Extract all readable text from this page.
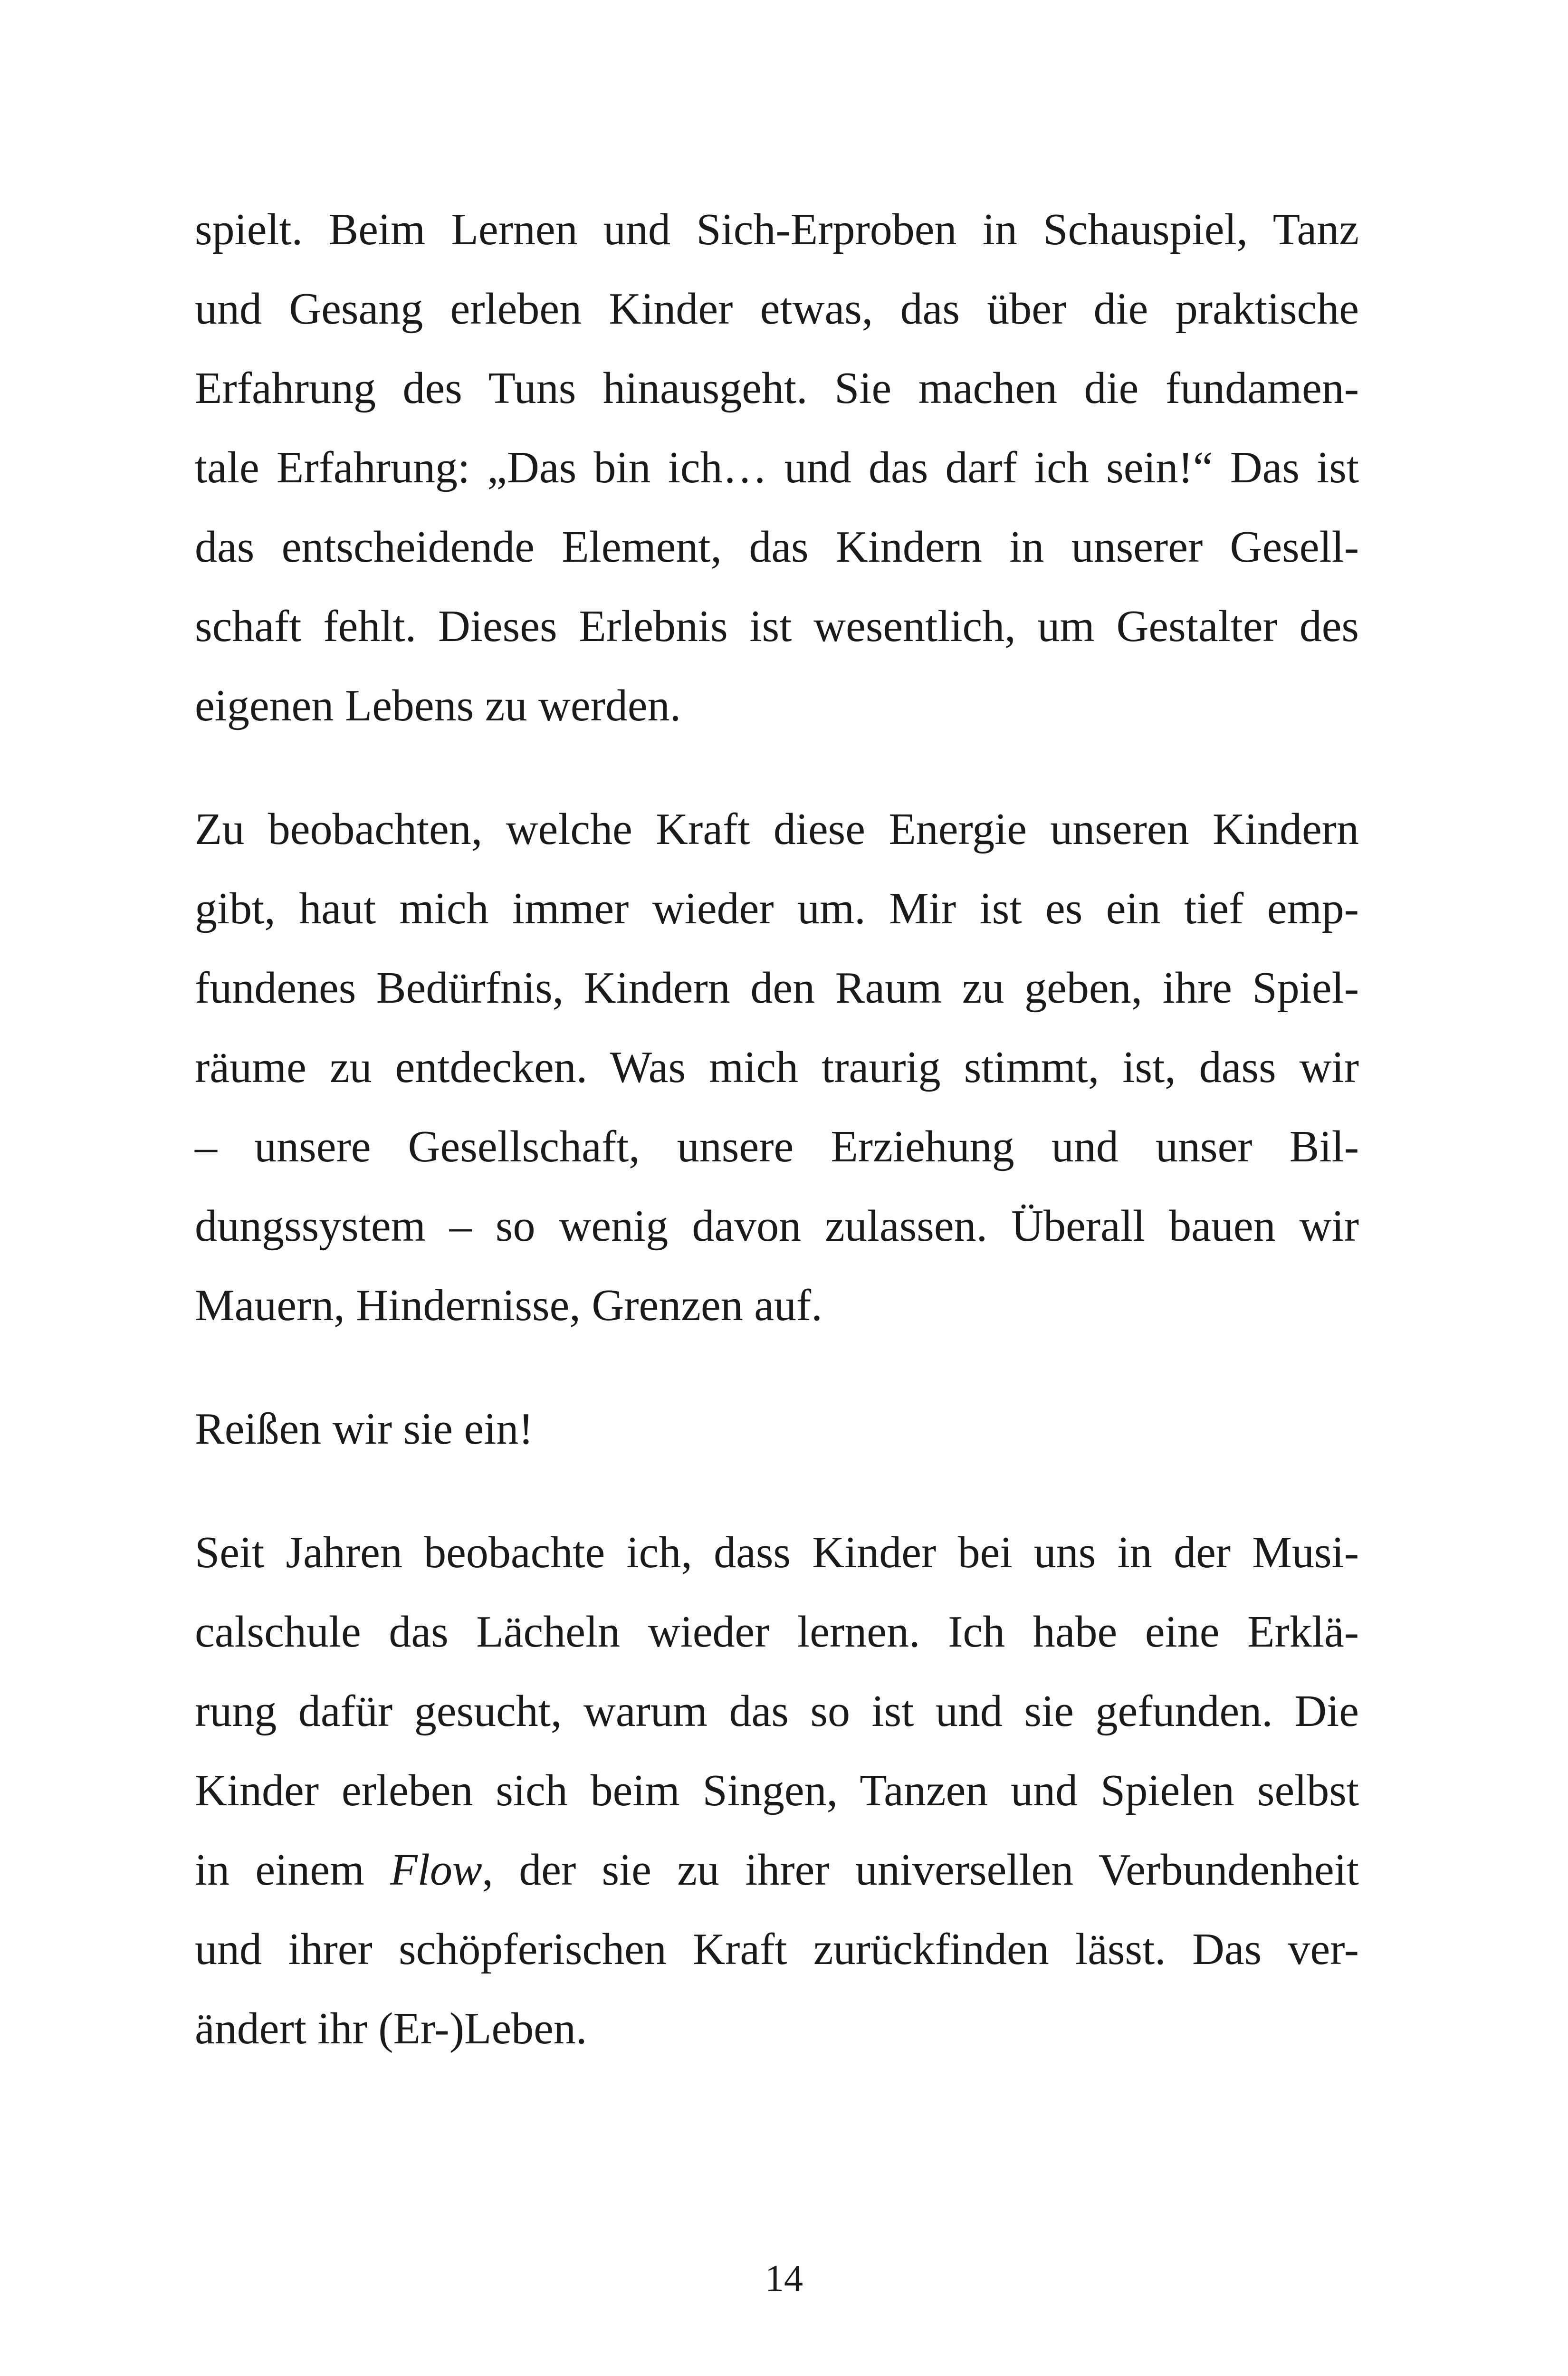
spielt. Beim Lernen und Sich-Erproben in Schauspiel, Tanz
und Gesang erleben Kinder etwas, das über die praktische
Erfahrung des Tuns hinausgeht. Sie machen die fundamen-
tale Erfahrung: „Das bin ich… und das darf ich sein!“ Das ist
das entscheidende Element, das Kindern in unserer Gesell-
schaft fehlt. Dieses Erlebnis ist wesentlich, um Gestalter des
eigenen Lebens zu werden.
Zu beobachten, welche Kraft diese Energie unseren Kindern
gibt, haut mich immer wieder um. Mir ist es ein tief emp-
fundenes Bedürfnis, Kindern den Raum zu geben, ihre Spiel-
räume zu entdecken. Was mich traurig stimmt, ist, dass wir
– unsere Gesellschaft, unsere Erziehung und unser Bil-
dungssystem – so wenig davon zulassen. Überall bauen wir
Mauern, Hindernisse, Grenzen auf.
Reißen wir sie ein!
Seit Jahren beobachte ich, dass Kinder bei uns in der Musi-
calschule das Lächeln wieder lernen. Ich habe eine Erklä-
rung dafür gesucht, warum das so ist und sie gefunden. Die
Kinder erleben sich beim Singen, Tanzen und Spielen selbst
in einem Flow, der sie zu ihrer universellen Verbundenheit
und ihrer schöpferischen Kraft zurückfinden lässt. Das ver-
ändert ihr (Er-)Leben.
14
